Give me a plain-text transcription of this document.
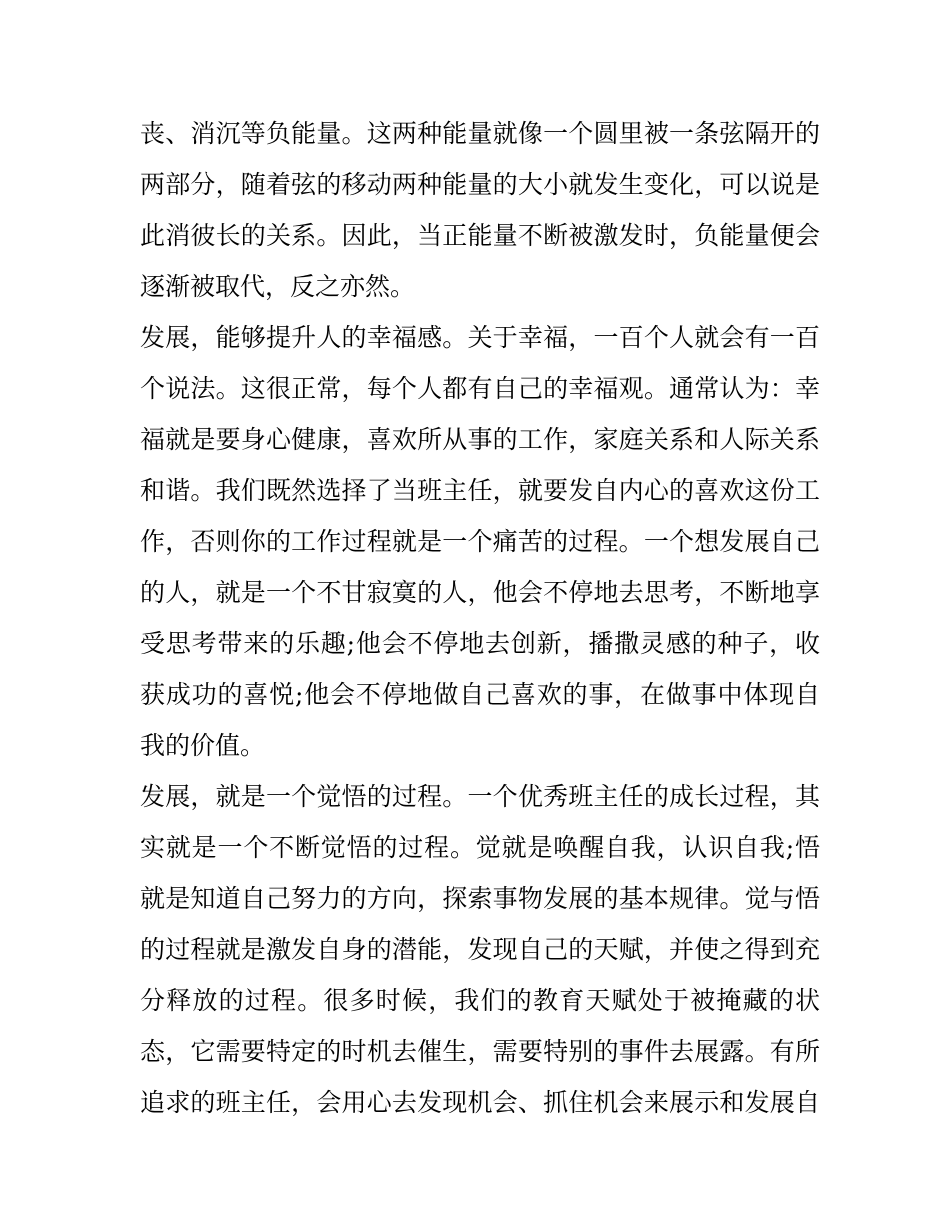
丧、消沉等负能量。这两种能量就像一个圆里被一条弦隔开的
两部分，随着弦的移动两种能量的大小就发生变化，可以说是
此消彼长的关系。因此，当正能量不断被激发时，负能量便会
逐渐被取代，反之亦然。
发展，能够提升人的幸福感。关于幸福，一百个人就会有一百
个说法。这很正常，每个人都有自己的幸福观。通常认为：幸
福就是要身心健康，喜欢所从事的工作，家庭关系和人际关系
和谐。我们既然选择了当班主任，就要发自内心的喜欢这份工
作，否则你的工作过程就是一个痛苦的过程。一个想发展自己
的人，就是一个不甘寂寞的人，他会不停地去思考，不断地享
受思考带来的乐趣;他会不停地去创新，播撒灵感的种子，收
获成功的喜悦;他会不停地做自己喜欢的事，在做事中体现自
我的价值。
发展，就是一个觉悟的过程。一个优秀班主任的成长过程，其
实就是一个不断觉悟的过程。觉就是唤醒自我，认识自我;悟
就是知道自己努力的方向，探索事物发展的基本规律。觉与悟
的过程就是激发自身的潜能，发现自己的天赋，并使之得到充
分释放的过程。很多时候，我们的教育天赋处于被掩藏的状
态，它需要特定的时机去催生，需要特别的事件去展露。有所
追求的班主任，会用心去发现机会、抓住机会来展示和发展自
